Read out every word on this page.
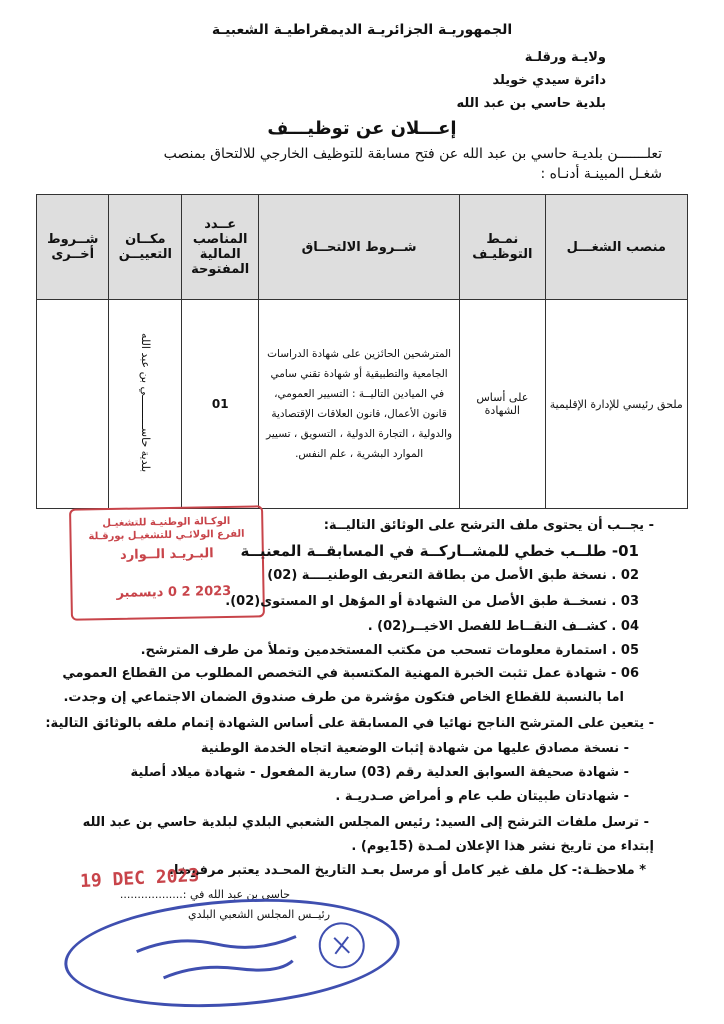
الجمهوريـة الجزائريـة الديمقراطيـة الشعبيـة
ولايـة ورقلـة
دائرة سيدي خويلد
بلدية حاسي بن عبد الله
إعـــلان عن توظيـــف
تعلـــــــن بلديـة حاسي بن عبد الله عن فتح مسابقة للتوظيف الخارجي للالتحاق بمنصب
شغـل المبينـة أدنـاه :
منصب الشغـــل	نمـط التوظيـف	شــروط الالتحــاق	عــدد المناصب المالية المفتوحة	مكــان التعييــن	شــروط أخــرى
ملحق رئيسي للإدارة الإقليمية	على أساس الشهادة	المترشحين الحائزين على شهادة الدراسات الجامعية والتطبيقية أو شهادة تقني سامي في الميادين التاليــة : التسيير العمومي، قانون الأعمال، قانون العلاقات الإقتصادية والدولية ، التجارة الدولية ، التسويق ، تسيير الموارد البشرية ، علم النفس.	01	بلدية حاســــــــــي بن عبد الله	
الوكـالة الوطنيـة للتشغيـل
الفرع الولائـي للتشغيـل بورقـلة
البـريـد الــوارد
2023 2 0 ديسمبر
- يجــب أن يحتوى ملف الترشح على الوثائق التاليــة:
01- طلــب خطي للمشــاركــة في المسابقــة المعنيــة
02 . نسخة طبق الأصل من بطاقة التعريف الوطنيــــة (02)
03 . نسخــة طبق الأصل من الشهادة أو المؤهل او المستوى(02).
04 . كشــف النقــاط للفصل الاخيــر(02) .
05 . استمارة معلومات تسحب من مكتب المستخدمين وتملأ من طرف المترشح.
06 - شهادة عمل تثبت الخبرة المهنية المكتسبة في التخصص المطلوب من القطاع العمومي
اما بالنسبة للقطاع الخاص فتكون مؤشرة من طرف صندوق الضمان الاجتماعي إن وجدت.
- يتعين على المترشح الناجح نهائيا في المسابقة على أساس الشهادة إتمام ملفه بالوثائق التالية:
- نسخة مصادق عليها من شهادة إثبات الوضعية اتجاه الخدمة الوطنية
- شهادة صحيفة السوابق العدلية رقم (03) سارية المفعول - شهادة ميلاد أصلية
- شهادتان طبيتان طب عام و أمراض صـدريـة .
- ترسل ملفات الترشح إلى السيد: رئيس المجلس الشعبي البلدي لبلدية حاسي بن عبد الله
إبتداء من تاريخ نشر هذا الإعلان لمـدة (15يوم) .
* ملاحظـة:- كل ملف غير كامل أو مرسل بعـد التاريخ المحـدد يعتبر مرفوضا.
19 DEC 2023
حاسي بن عبد الله في :..................
رئيــس المجلس الشعبي البلدي
